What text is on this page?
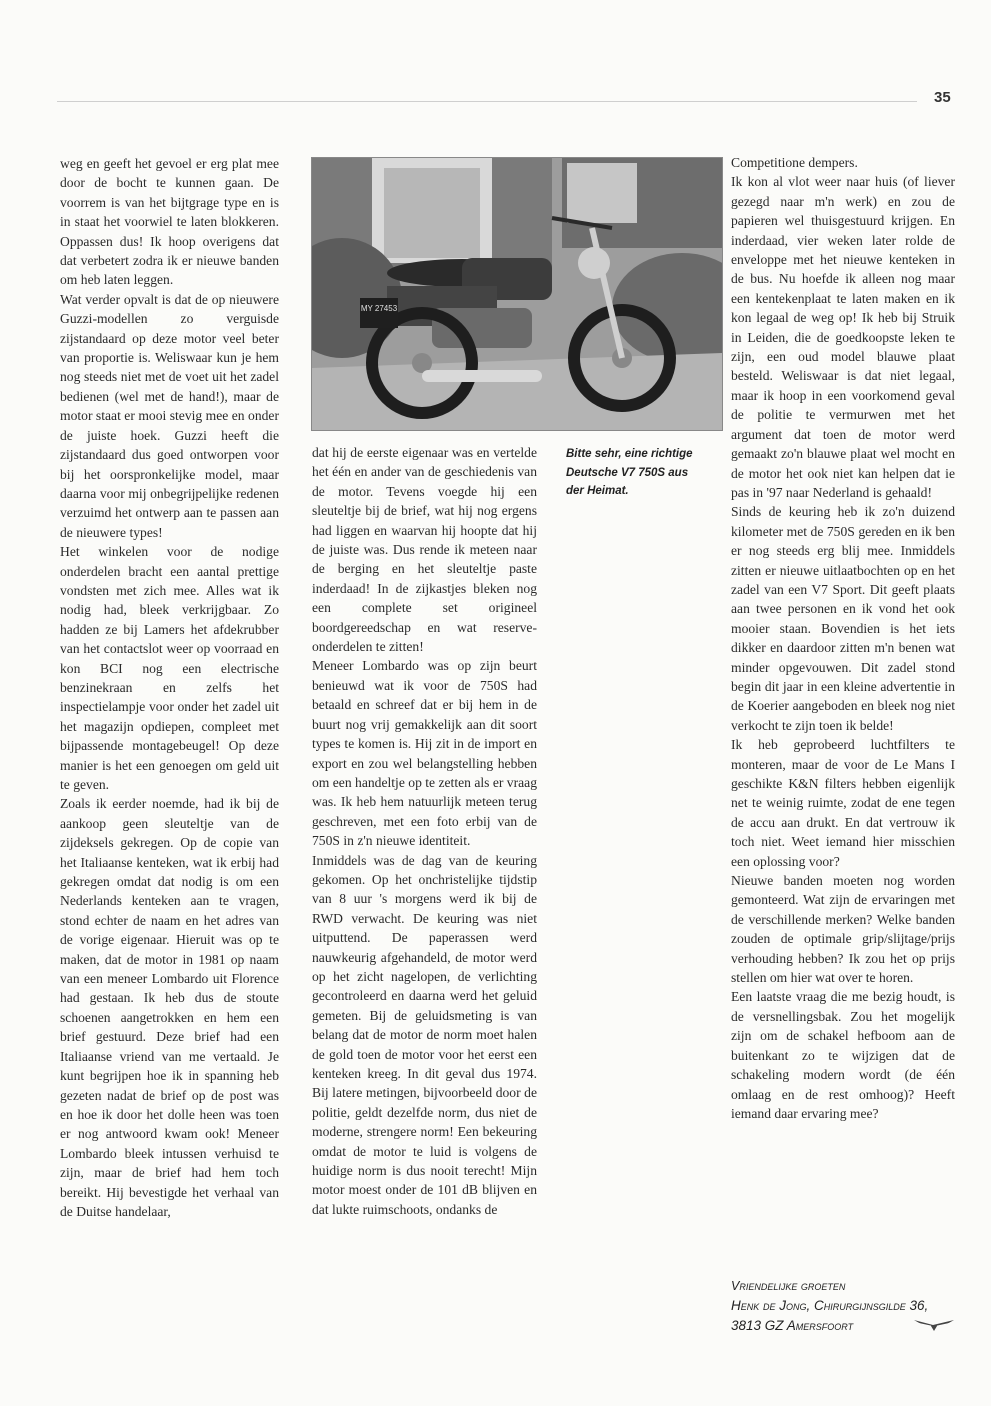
35

weg en geeft het gevoel er erg plat mee door de bocht te kunnen gaan. De voorrem is van het bijtgrage type en is in staat het voorwiel te laten blokkeren. Oppassen dus! Ik hoop overigens dat dat verbetert zodra ik er nieuwe banden om heb laten leggen.

Wat verder opvalt is dat de op nieuwere Guzzi-modellen zo verguisde zijstandaard op deze motor veel beter van proportie is. Weliswaar kun je hem nog steeds niet met de voet uit het zadel bedienen (wel met de hand!), maar de motor staat er mooi stevig mee en onder de juiste hoek. Guzzi heeft die zijstandaard dus goed ontworpen voor bij het oorspronkelijke model, maar daarna voor mij onbegrijpelijke redenen verzuimd het ontwerp aan te passen aan de nieuwere types!

Het winkelen voor de nodige onderdelen bracht een aantal prettige vondsten met zich mee. Alles wat ik nodig had, bleek verkrijgbaar. Zo hadden ze bij Lamers het afdekrubber van het contactslot weer op voorraad en kon BCI nog een electrische benzinekraan en zelfs het inspectielampje voor onder het zadel uit het magazijn opdiepen, compleet met bijpassende montagebeugel! Op deze manier is het een genoegen om geld uit te geven.

Zoals ik eerder noemde, had ik bij de aankoop geen sleuteltje van de zijdeksels gekregen. Op de copie van het Italiaanse kenteken, wat ik erbij had gekregen omdat dat nodig is om een Nederlands kenteken aan te vragen, stond echter de naam en het adres van de vorige eigenaar. Hieruit was op te maken, dat de motor in 1981 op naam van een meneer Lombardo uit Florence had gestaan. Ik heb dus de stoute schoenen aangetrokken en hem een brief gestuurd. Deze brief had een Italiaanse vriend van me vertaald. Je kunt begrijpen hoe ik in spanning heb gezeten nadat de brief op de post was en hoe ik door het dolle heen was toen er nog antwoord kwam ook! Meneer Lombardo bleek intussen verhuisd te zijn, maar de brief had hem toch bereikt. Hij bevestigde het verhaal van de Duitse handelaar,

MY 27453
Bitte sehr, eine richtige Deutsche V7 750S aus der Heimat.

dat hij de eerste eigenaar was en vertelde het één en ander van de geschiedenis van de motor. Tevens voegde hij een sleuteltje bij de brief, wat hij nog ergens had liggen en waarvan hij hoopte dat hij de juiste was. Dus rende ik meteen naar de berging en het sleuteltje paste inderdaad! In de zijkastjes bleken nog een complete set origineel boordgereedschap en wat reserve-onderdelen te zitten!

Meneer Lombardo was op zijn beurt benieuwd wat ik voor de 750S had betaald en schreef dat er bij hem in de buurt nog vrij gemakkelijk aan dit soort types te komen is. Hij zit in de import en export en zou wel belangstelling hebben om een handeltje op te zetten als er vraag was. Ik heb hem natuurlijk meteen terug geschreven, met een foto erbij van de 750S in z'n nieuwe identiteit.

Inmiddels was de dag van de keuring gekomen. Op het onchristelijke tijdstip van 8 uur 's morgens werd ik bij de RWD verwacht. De keuring was niet uitputtend. De paperassen werd nauwkeurig afgehandeld, de motor werd op het zicht nagelopen, de verlichting gecontroleerd en daarna werd het geluid gemeten. Bij de geluidsmeting is van belang dat de motor de norm moet halen de gold toen de motor voor het eerst een kenteken kreeg. In dit geval dus 1974. Bij latere metingen, bijvoorbeeld door de politie, geldt dezelfde norm, dus niet de moderne, strengere norm! Een bekeuring omdat de motor te luid is volgens de huidige norm is dus nooit terecht! Mijn motor moest onder de 101 dB blijven en dat lukte ruimschoots, ondanks de

Competitione dempers.

Ik kon al vlot weer naar huis (of liever gezegd naar m'n werk) en zou de papieren wel thuisgestuurd krijgen. En inderdaad, vier weken later rolde de enveloppe met het nieuwe kenteken in de bus. Nu hoefde ik alleen nog maar een kentekenplaat te laten maken en ik kon legaal de weg op! Ik heb bij Struik in Leiden, die de goedkoopste leken te zijn, een oud model blauwe plaat besteld. Weliswaar is dat niet legaal, maar ik hoop in een voorkomend geval de politie te vermurwen met het argument dat toen de motor werd gemaakt zo'n blauwe plaat wel mocht en de motor het ook niet kan helpen dat ie pas in '97 naar Nederland is gehaald!

Sinds de keuring heb ik zo'n duizend kilometer met de 750S gereden en ik ben er nog steeds erg blij mee. Inmiddels zitten er nieuwe uitlaatbochten op en het zadel van een V7 Sport. Dit geeft plaats aan twee personen en ik vond het ook mooier staan. Bovendien is het iets dikker en daardoor zitten m'n benen wat minder opgevouwen. Dit zadel stond begin dit jaar in een kleine advertentie in de Koerier aangeboden en bleek nog niet verkocht te zijn toen ik belde!

Ik heb geprobeerd luchtfilters te monteren, maar de voor de Le Mans I geschikte K&N filters hebben eigenlijk net te weinig ruimte, zodat de ene tegen de accu aan drukt. En dat vertrouw ik toch niet. Weet iemand hier misschien een oplossing voor?

Nieuwe banden moeten nog worden gemonteerd. Wat zijn de ervaringen met de verschillende merken? Welke banden zouden de optimale grip/slijtage/prijs verhouding hebben? Ik zou het op prijs stellen om hier wat over te horen.

Een laatste vraag die me bezig houdt, is de versnellingsbak. Zou het mogelijk zijn om de schakel hefboom aan de buitenkant zo te wijzigen dat de schakeling modern wordt (de één omlaag en de rest omhoog)? Heeft iemand daar ervaring mee?

Vriendelijke groeten

Henk de Jong, Chirurgijnsgilde 36,

3813 GZ Amersfoort
